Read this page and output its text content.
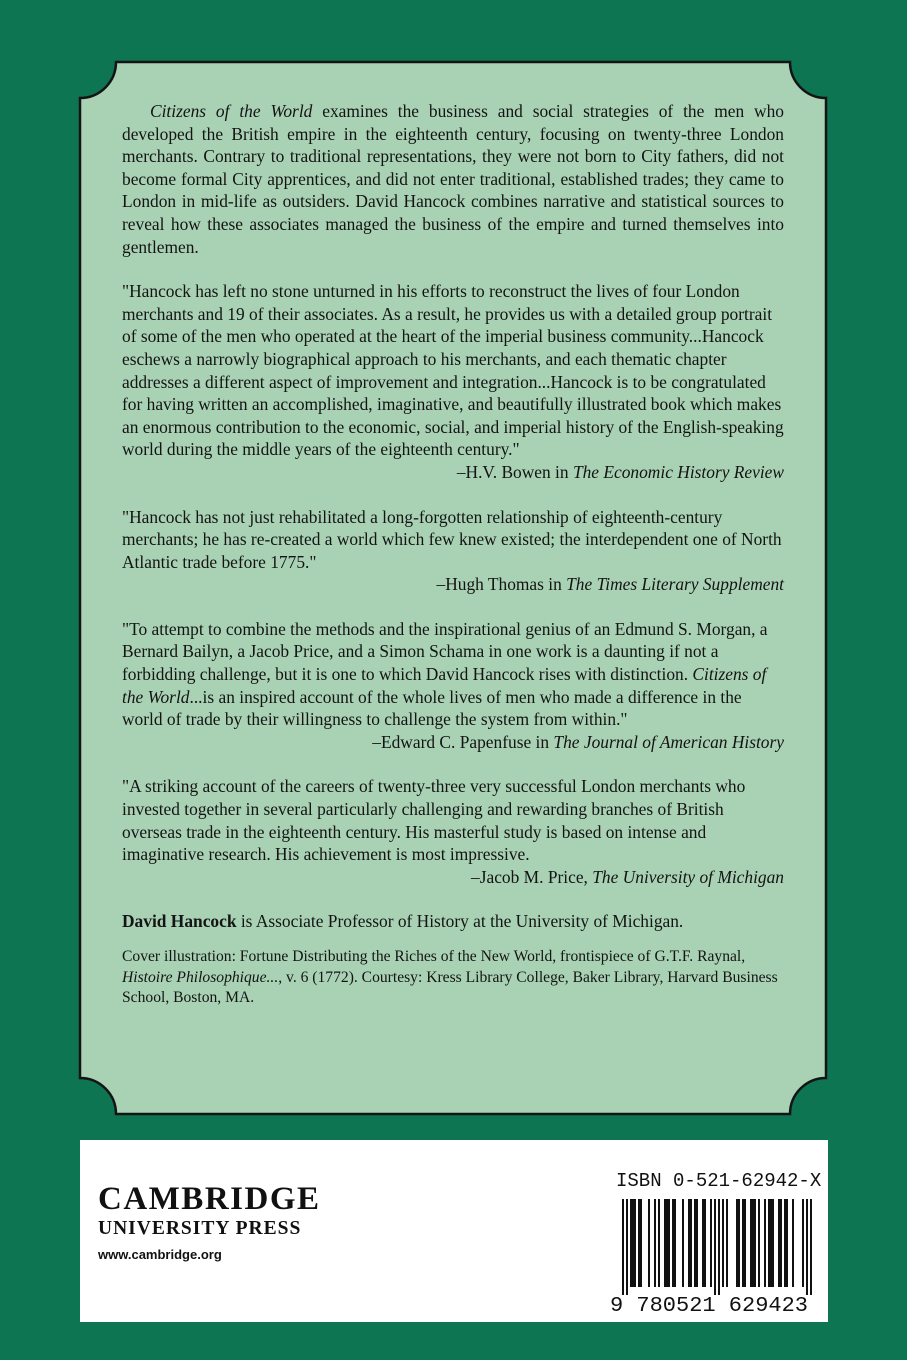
Citizens of the World examines the business and social strategies of the men who developed the British empire in the eighteenth century, focusing on twenty-three London merchants. Contrary to traditional representations, they were not born to City fathers, did not become formal City apprentices, and did not enter traditional, established trades; they came to London in mid-life as outsiders. David Hancock combines narrative and statistical sources to reveal how these associates managed the business of the empire and turned themselves into gentlemen.

"Hancock has left no stone unturned in his efforts to reconstruct the lives of four London merchants and 19 of their associates. As a result, he provides us with a detailed group portrait of some of the men who operated at the heart of the imperial business community...Hancock eschews a narrowly biographical approach to his merchants, and each thematic chapter addresses a different aspect of improvement and integration...Hancock is to be congratulated for having written an accomplished, imaginative, and beautifully illustrated book which makes an enormous contribution to the economic, social, and imperial history of the English-speaking world during the middle years of the eighteenth century."
–H.V. Bowen in The Economic History Review

"Hancock has not just rehabilitated a long-forgotten relationship of eighteenth-century merchants; he has re-created a world which few knew existed; the interdependent one of North Atlantic trade before 1775."
–Hugh Thomas in The Times Literary Supplement

"To attempt to combine the methods and the inspirational genius of an Edmund S. Morgan, a Bernard Bailyn, a Jacob Price, and a Simon Schama in one work is a daunting if not a forbidding challenge, but it is one to which David Hancock rises with distinction. Citizens of the World...is an inspired account of the whole lives of men who made a difference in the world of trade by their willingness to challenge the system from within."
–Edward C. Papenfuse in The Journal of American History

"A striking account of the careers of twenty-three very successful London merchants who invested together in several particularly challenging and rewarding branches of British overseas trade in the eighteenth century. His masterful study is based on intense and imaginative research. His achievement is most impressive.
–Jacob M. Price, The University of Michigan

David Hancock is Associate Professor of History at the University of Michigan.

Cover illustration: Fortune Distributing the Riches of the New World, frontispiece of G.T.F. Raynal, Histoire Philosophique..., v. 6 (1772). Courtesy: Kress Library College, Baker Library, Harvard Business School, Boston, MA.

CAMBRIDGE
UNIVERSITY PRESS
www.cambridge.org
ISBN 0-521-62942-X
9 780521 629423
